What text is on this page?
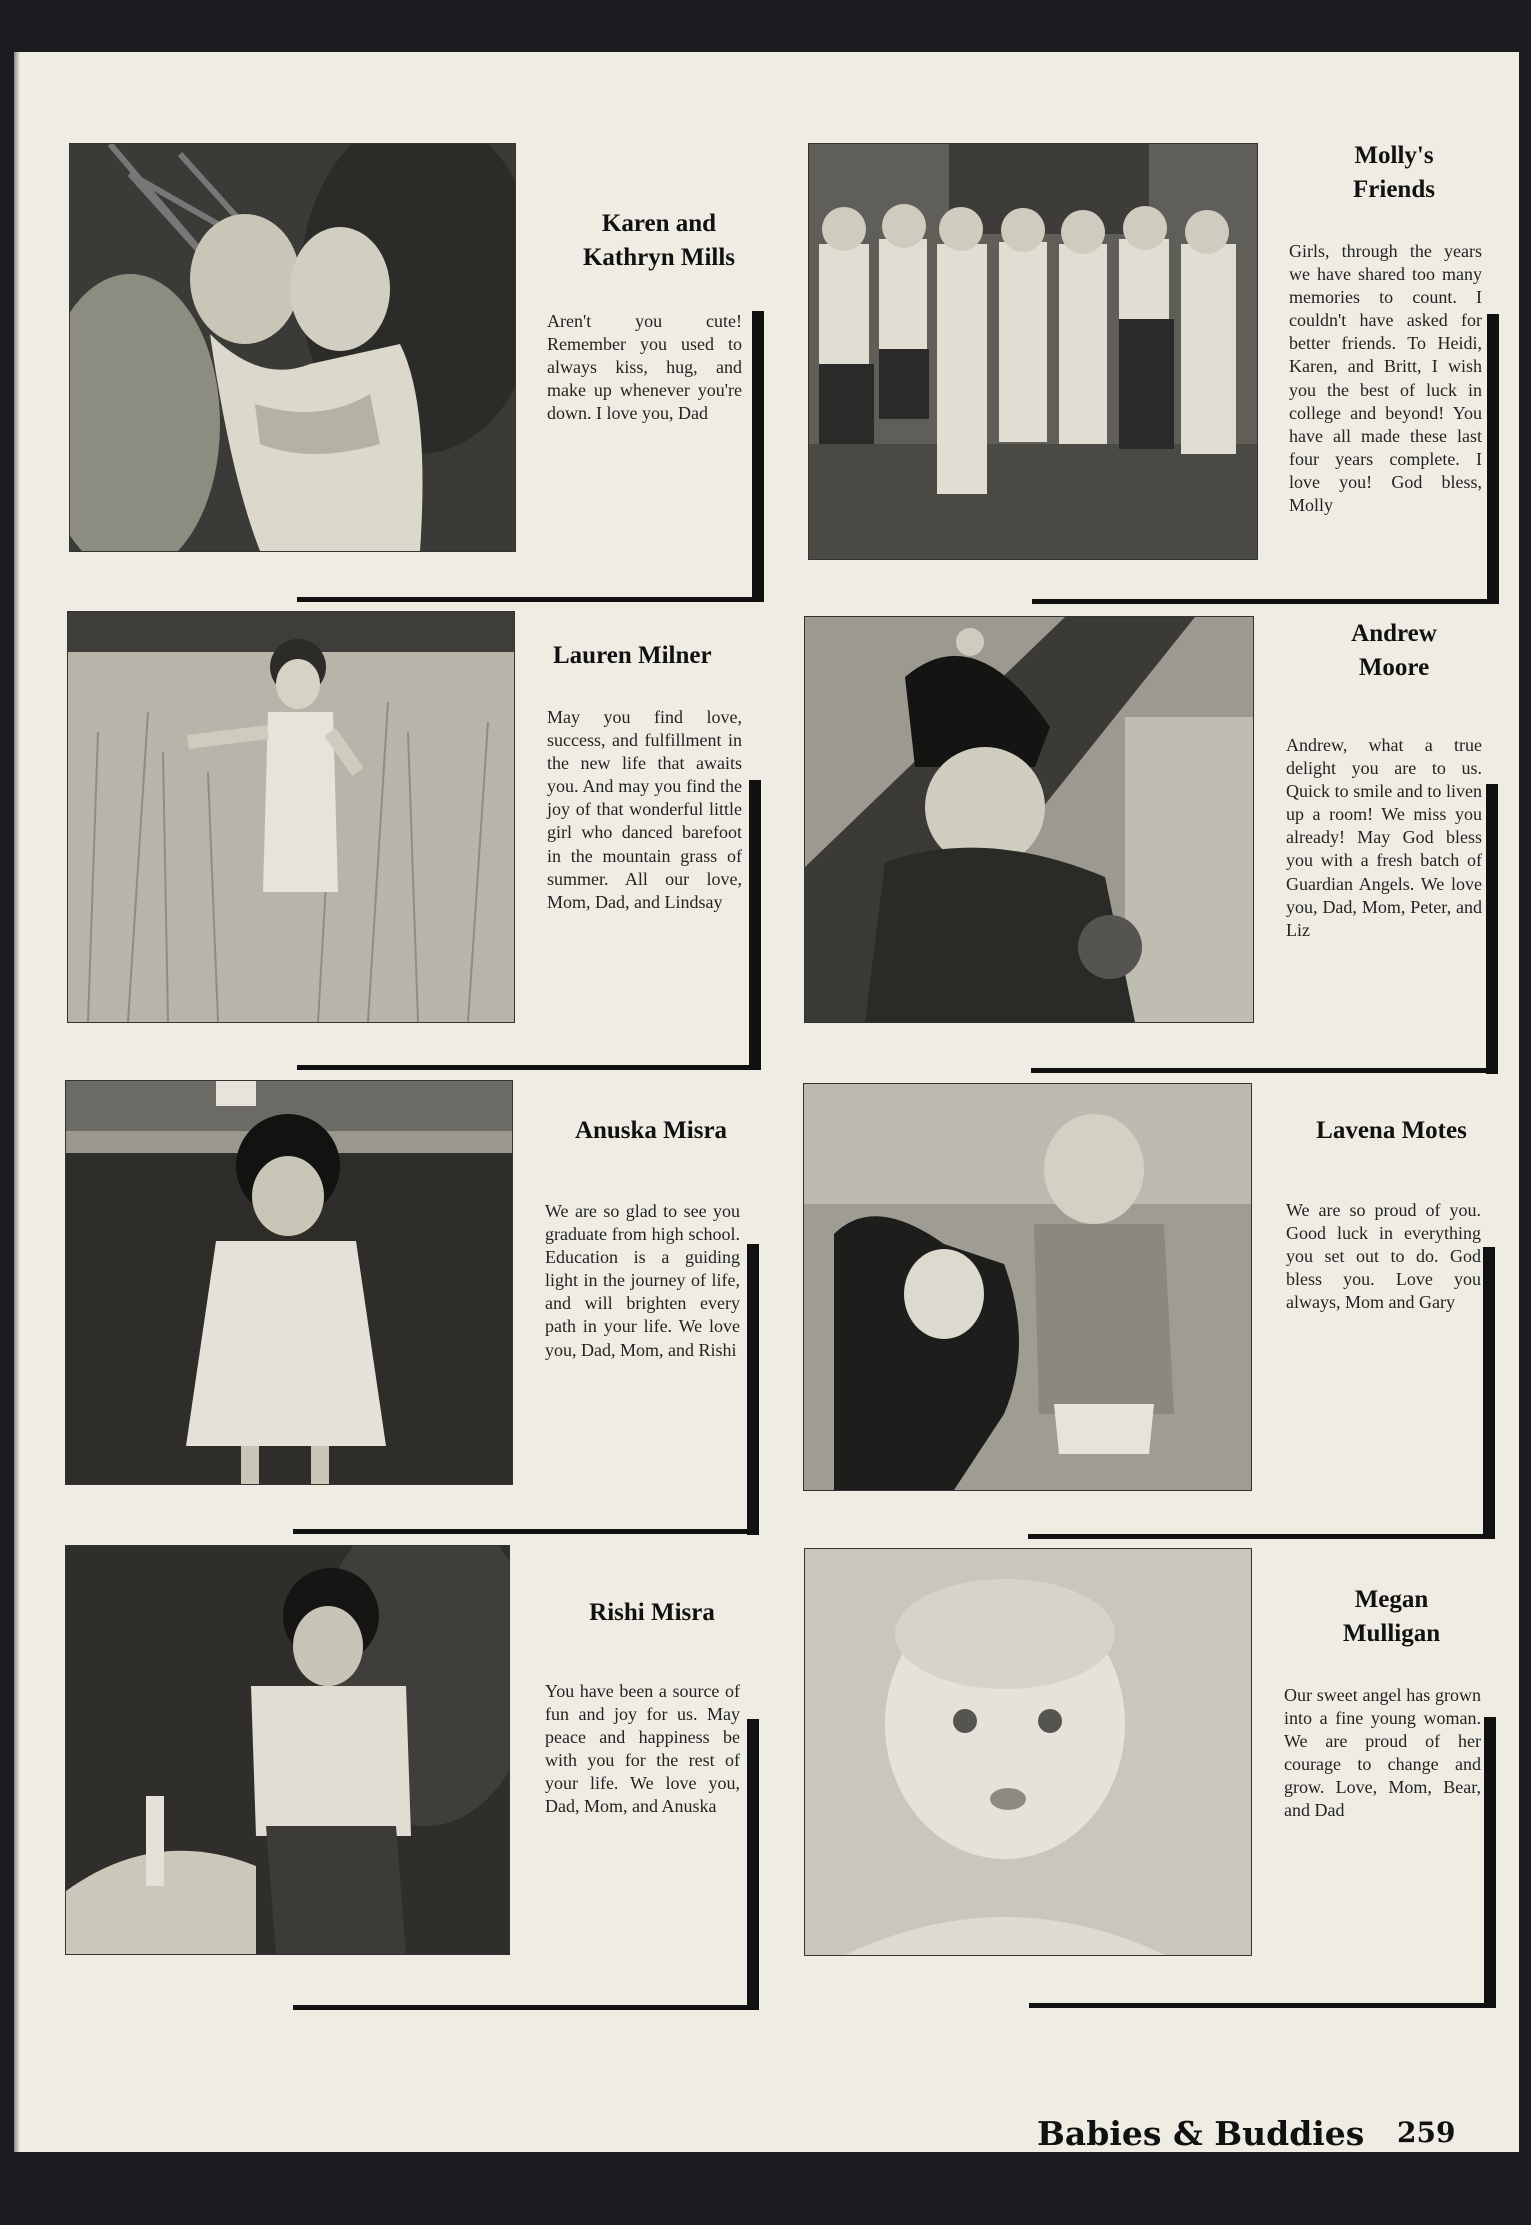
Karen and
Kathryn Mills

Aren't you cute! Remember you used to always kiss, hug, and make up whenever you're down. I love you, Dad

Molly's
Friends

Girls, through the years we have shared too many memories to count. I couldn't have asked for better friends. To Heidi, Karen, and Britt, I wish you the best of luck in college and beyond! You have all made these last four years complete. I love you! God bless, Molly

Lauren Milner

May you find love, success, and fulfillment in the new life that awaits you. And may you find the joy of that wonderful little girl who danced barefoot in the mountain grass of summer. All our love, Mom, Dad, and Lindsay

Andrew
Moore

Andrew, what a true delight you are to us. Quick to smile and to liven up a room! We miss you already! May God bless you with a fresh batch of Guardian Angels. We love you, Dad, Mom, Peter, and Liz

Anuska Misra

We are so glad to see you graduate from high school. Education is a guiding light in the journey of life, and will brighten every path in your life. We love you, Dad, Mom, and Rishi

Lavena Motes

We are so proud of you. Good luck in everything you set out to do. God bless you. Love you always, Mom and Gary

Rishi Misra

You have been a source of fun and joy for us. May peace and happiness be with you for the rest of your life. We love you, Dad, Mom, and Anuska

Megan
Mulligan

Our sweet angel has grown into a fine young woman. We are proud of her courage to change and grow. Love, Mom, Bear, and Dad

Babies & Buddies 259
